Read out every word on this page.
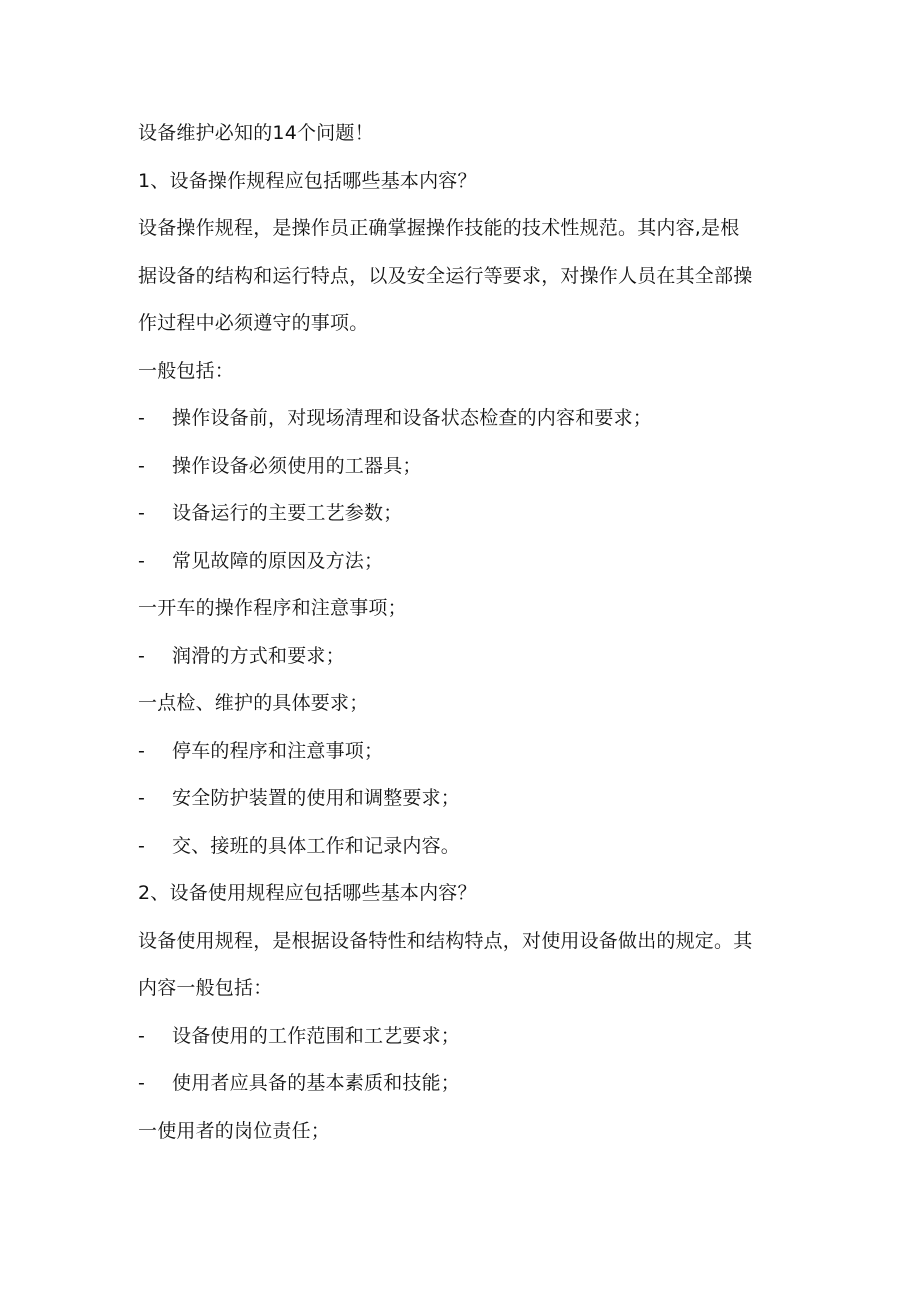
设备维护必知的14个问题！
1、设备操作规程应包括哪些基本内容？
设备操作规程，是操作员正确掌握操作技能的技术性规范。其内容,是根
据设备的结构和运行特点，以及安全运行等要求，对操作人员在其全部操
作过程中必须遵守的事项。
一般包括：
-	操作设备前，对现场清理和设备状态检查的内容和要求；
-	操作设备必须使用的工器具；
-	设备运行的主要工艺参数；
-	常见故障的原因及方法；
一开车的操作程序和注意事项；
-	润滑的方式和要求；
一点检、维护的具体要求；
-	停车的程序和注意事项；
-	安全防护装置的使用和调整要求；
-	交、接班的具体工作和记录内容。
2、设备使用规程应包括哪些基本内容？
设备使用规程，是根据设备特性和结构特点，对使用设备做出的规定。其
内容一般包括：
-	设备使用的工作范围和工艺要求；
-	使用者应具备的基本素质和技能；
一使用者的岗位责任；
